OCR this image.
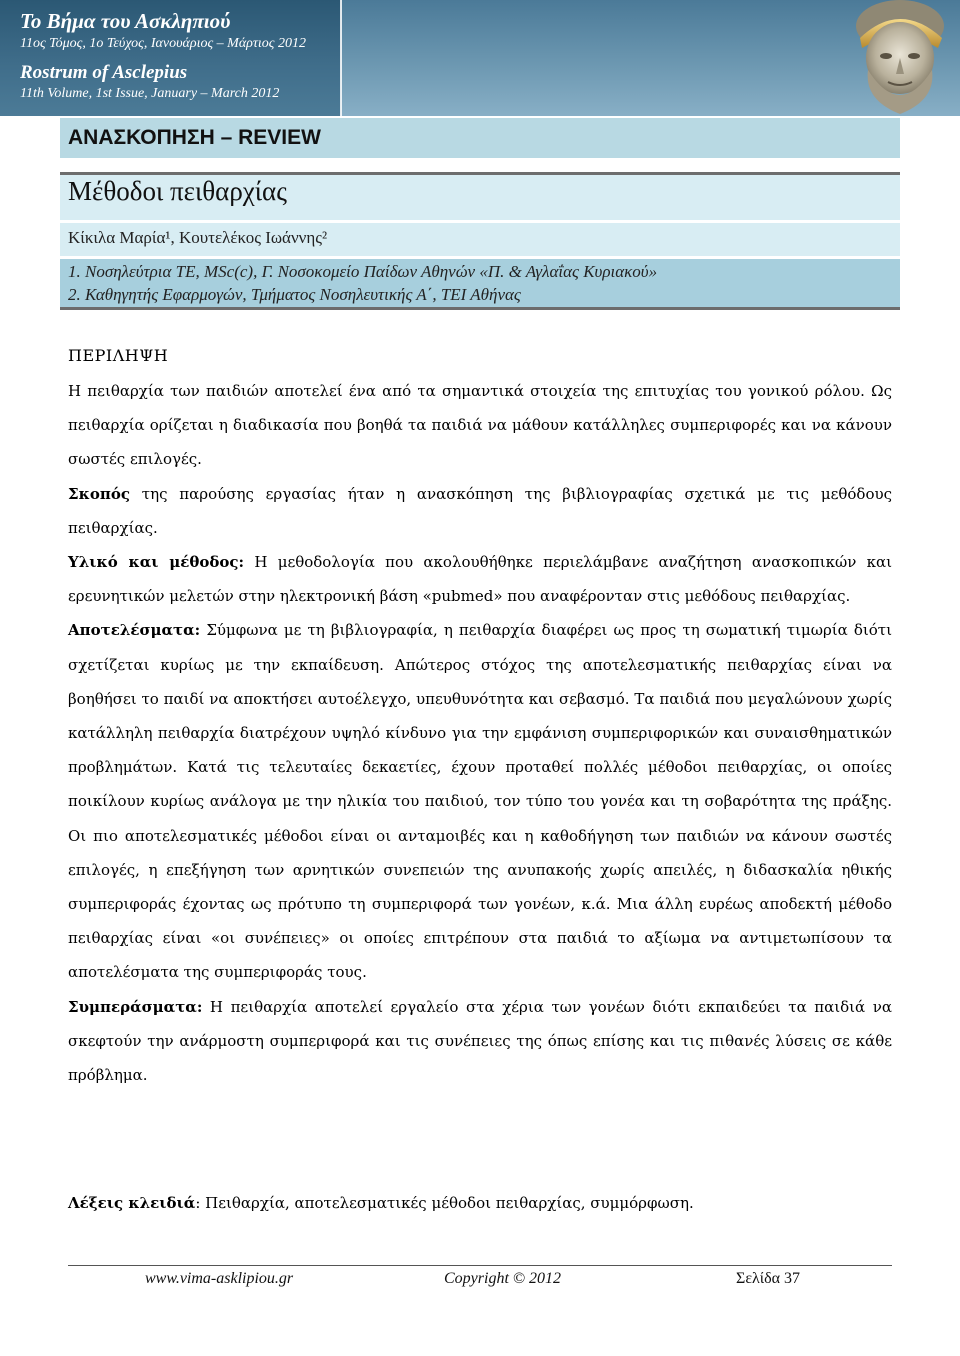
Το Βήμα του Ασκληπιού
11ος Τόμος, 1ο Τεύχος, Ιανουάριος – Μάρτιος 2012
Rostrum of Asclepius
11th Volume, 1st Issue, January – March 2012
ΑΝΑΣΚΟΠΗΣΗ – REVIEW
Μέθοδοι πειθαρχίας
Κίκιλα Μαρία¹, Κουτελέκος Ιωάννης²
1. Νοσηλεύτρια ΤΕ, MSc(c), Γ. Νοσοκομείο Παίδων Αθηνών «Π. & Αγλαΐας Κυριακού»
2. Καθηγητής Εφαρμογών, Τμήματος Νοσηλευτικής Α΄, ΤΕΙ Αθήνας
ΠΕΡΙΛΗΨΗ

Η πειθαρχία των παιδιών αποτελεί ένα από τα σημαντικά στοιχεία της επιτυχίας του γονικού ρόλου. Ως πειθαρχία ορίζεται η διαδικασία που βοηθά τα παιδιά να μάθουν κατάλληλες συμπεριφορές και να κάνουν σωστές επιλογές.

Σκοπός της παρούσης εργασίας ήταν η ανασκόπηση της βιβλιογραφίας σχετικά με τις μεθόδους πειθαρχίας.

Υλικό και μέθοδος: Η μεθοδολογία που ακολουθήθηκε περιελάμβανε αναζήτηση ανασκοπικών και ερευνητικών μελετών στην ηλεκτρονική βάση «pubmed» που αναφέρονταν στις μεθόδους πειθαρχίας.

Αποτελέσματα: Σύμφωνα με τη βιβλιογραφία, η πειθαρχία διαφέρει ως προς τη σωματική τιμωρία διότι σχετίζεται κυρίως με την εκπαίδευση. Απώτερος στόχος της αποτελεσματικής πειθαρχίας είναι να βοηθήσει το παιδί να αποκτήσει αυτοέλεγχο, υπευθυνότητα και σεβασμό. Τα παιδιά που μεγαλώνουν χωρίς κατάλληλη πειθαρχία διατρέχουν υψηλό κίνδυνο για την εμφάνιση συμπεριφορικών και συναισθηματικών προβλημάτων. Κατά τις τελευταίες δεκαετίες, έχουν προταθεί πολλές μέθοδοι πειθαρχίας, οι οποίες ποικίλουν κυρίως ανάλογα με την ηλικία του παιδιού, τον τύπο του γονέα και τη σοβαρότητα της πράξης. Οι πιο αποτελεσματικές μέθοδοι είναι οι ανταμοιβές και η καθοδήγηση των παιδιών να κάνουν σωστές επιλογές, η επεξήγηση των αρνητικών συνεπειών της ανυπακοής χωρίς απειλές, η διδασκαλία ηθικής συμπεριφοράς έχοντας ως πρότυπο τη συμπεριφορά των γονέων, κ.ά. Μια άλλη ευρέως αποδεκτή μέθοδο πειθαρχίας είναι «οι συνέπειες» οι οποίες επιτρέπουν στα παιδιά το αξίωμα να αντιμετωπίσουν τα αποτελέσματα της συμπεριφοράς τους.

Συμπεράσματα: Η πειθαρχία αποτελεί εργαλείο στα χέρια των γονέων διότι εκπαιδεύει τα παιδιά να σκεφτούν την ανάρμοστη συμπεριφορά και τις συνέπειες της όπως επίσης και τις πιθανές λύσεις σε κάθε πρόβλημα.

Λέξεις κλειδιά: Πειθαρχία, αποτελεσματικές μέθοδοι πειθαρχίας, συμμόρφωση.
www.vima-asklipiou.gr	Copyright © 2012	Σελίδα 37
